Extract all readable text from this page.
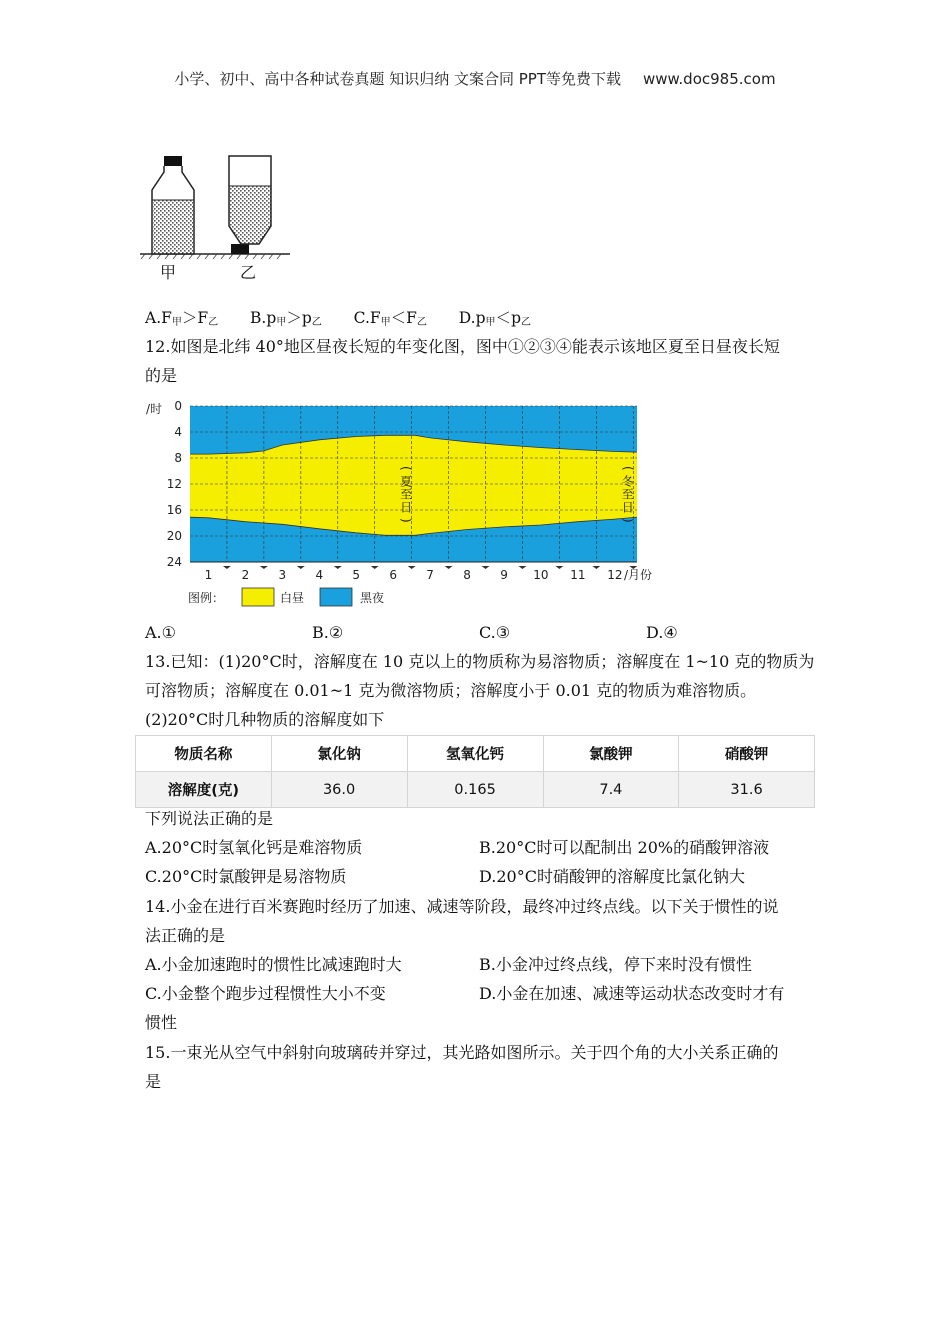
小学、初中、高中各种试卷真题 知识归纳 文案合同 PPT等免费下载 www.doc985.com
甲	乙
$A.F_甲>F_乙$ $B.p_甲>p_乙$ $C.F_甲<F_乙$ $D.p_甲<p_乙$
12.如图是北纬 40°地区昼夜长短的年变化图，图中①②③④能表示该地区夏至日昼夜长短
的是
/时 0
4
8
12
16
20
24
(
夏
至
日
)
(
冬
至
日
)
1 2 3 4 5 6 7 8 9 10 11 12 /月份
图例：	白昼	黑夜
A.①	B.②	C.③	D.④
13.已知：(1)20°C时，溶解度在 10 克以上的物质称为易溶物质；溶解度在 1~10 克的物质为
可溶物质；溶解度在 0.01~1 克为微溶物质；溶解度小于 0.01 克的物质为难溶物质。
(2)20°C时几种物质的溶解度如下
物质名称	氯化钠	氢氧化钙	氯酸钾	硝酸钾
溶解度(克)	36.0	0.165	7.4	31.6
下列说法正确的是
A.20°C时氢氧化钙是难溶物质	B.20°C时可以配制出 20%的硝酸钾溶液
C.20°C时氯酸钾是易溶物质	D.20°C时硝酸钾的溶解度比氯化钠大
14.小金在进行百米赛跑时经历了加速、减速等阶段，最终冲过终点线。以下关于惯性的说
法正确的是
A.小金加速跑时的惯性比减速跑时大	B.小金冲过终点线，停下来时没有惯性
C.小金整个跑步过程惯性大小不变	D.小金在加速、减速等运动状态改变时才有
惯性
15.一束光从空气中斜射向玻璃砖并穿过，其光路如图所示。关于四个角的大小关系正确的
是
